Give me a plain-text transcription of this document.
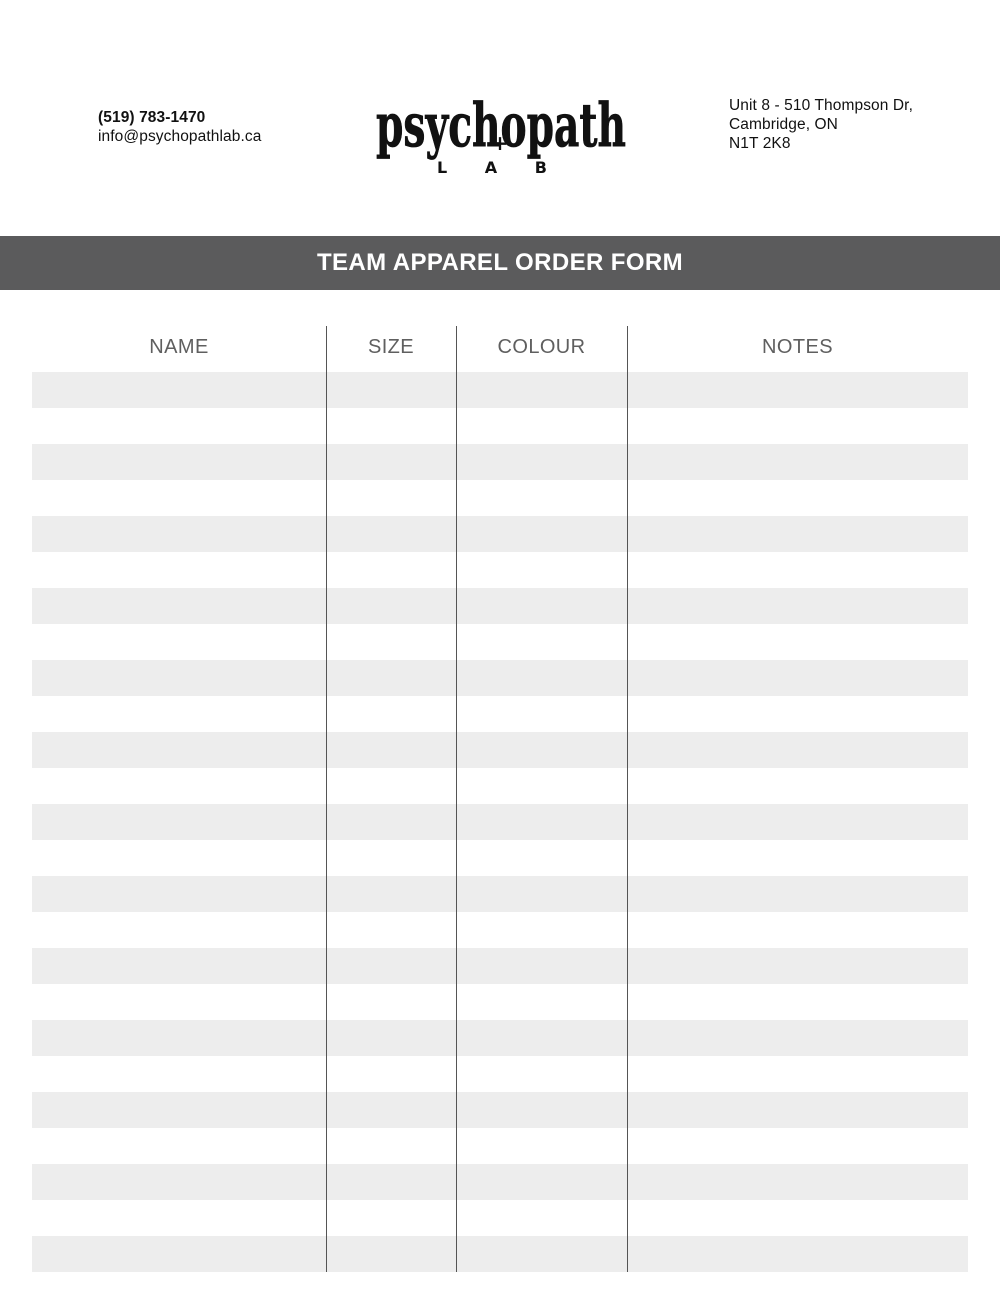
(519) 783-1470
info@psychopathlab.ca psychopath
+
L A B
Unit 8 - 510 Thompson Dr,
Cambridge, ON
N1T 2K8
TEAM APPAREL ORDER FORM
NAME	SIZE	COLOUR	NOTES
